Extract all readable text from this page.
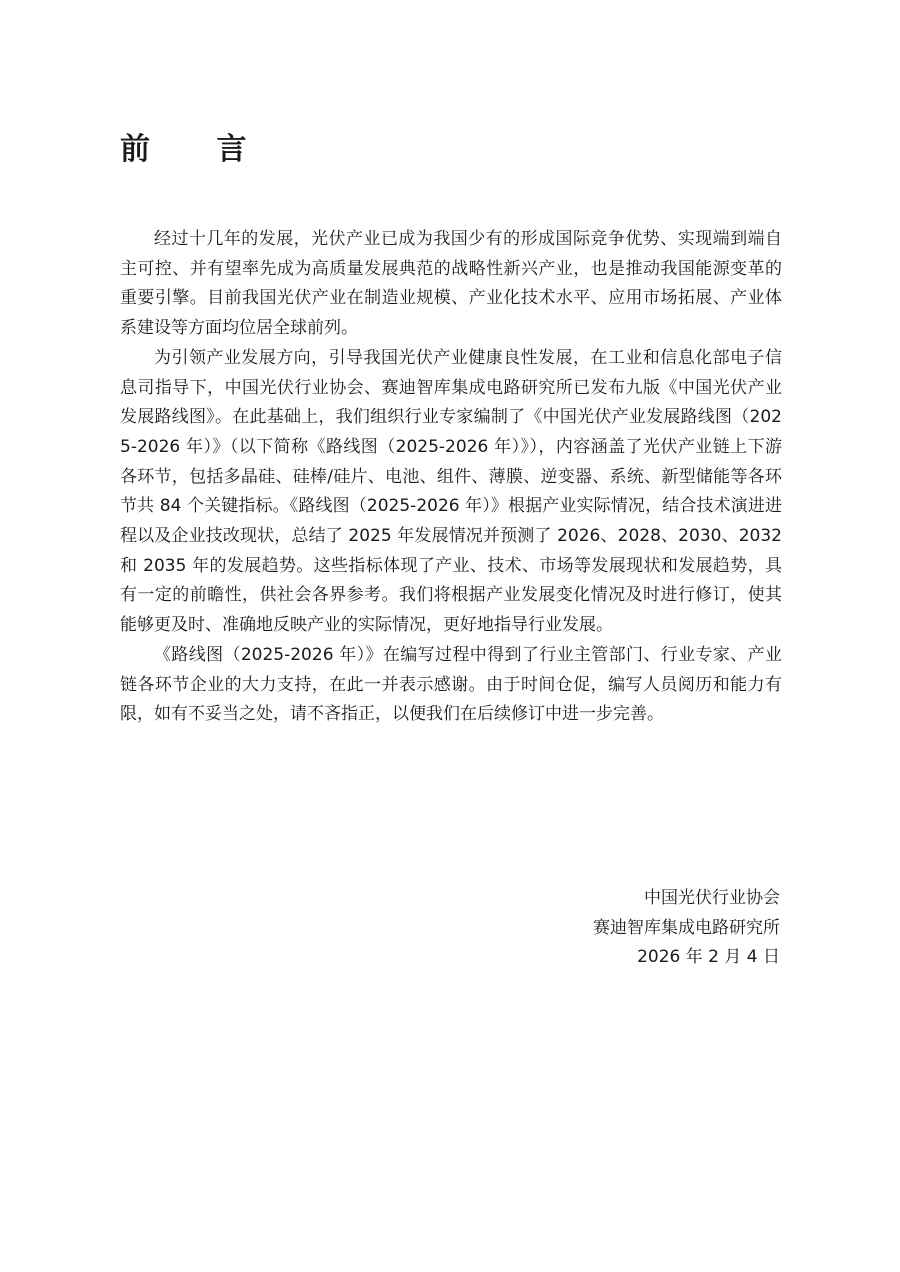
前 言

经过十几年的发展，光伏产业已成为我国少有的形成国际竞争优势、实现端到端自主可控、并有望率先成为高质量发展典范的战略性新兴产业，也是推动我国能源变革的重要引擎。目前我国光伏产业在制造业规模、产业化技术水平、应用市场拓展、产业体系建设等方面均位居全球前列。

为引领产业发展方向，引导我国光伏产业健康良性发展，在工业和信息化部电子信息司指导下，中国光伏行业协会、赛迪智库集成电路研究所已发布九版《中国光伏产业发展路线图》。在此基础上，我们组织行业专家编制了《中国光伏产业发展路线图（2025-2026 年）》（以下简称《路线图（2025-2026 年）》），内容涵盖了光伏产业链上下游各环节，包括多晶硅、硅棒/硅片、电池、组件、薄膜、逆变器、系统、新型储能等各环节共 84 个关键指标。《路线图（2025-2026 年）》根据产业实际情况，结合技术演进进程以及企业技改现状，总结了 2025 年发展情况并预测了 2026、2028、2030、2032 和 2035 年的发展趋势。这些指标体现了产业、技术、市场等发展现状和发展趋势，具有一定的前瞻性，供社会各界参考。我们将根据产业发展变化情况及时进行修订，使其能够更及时、准确地反映产业的实际情况，更好地指导行业发展。

《路线图（2025-2026 年）》在编写过程中得到了行业主管部门、行业专家、产业链各环节企业的大力支持，在此一并表示感谢。由于时间仓促，编写人员阅历和能力有限，如有不妥当之处，请不吝指正，以便我们在后续修订中进一步完善。

中国光伏行业协会
赛迪智库集成电路研究所
2026 年 2 月 4 日
